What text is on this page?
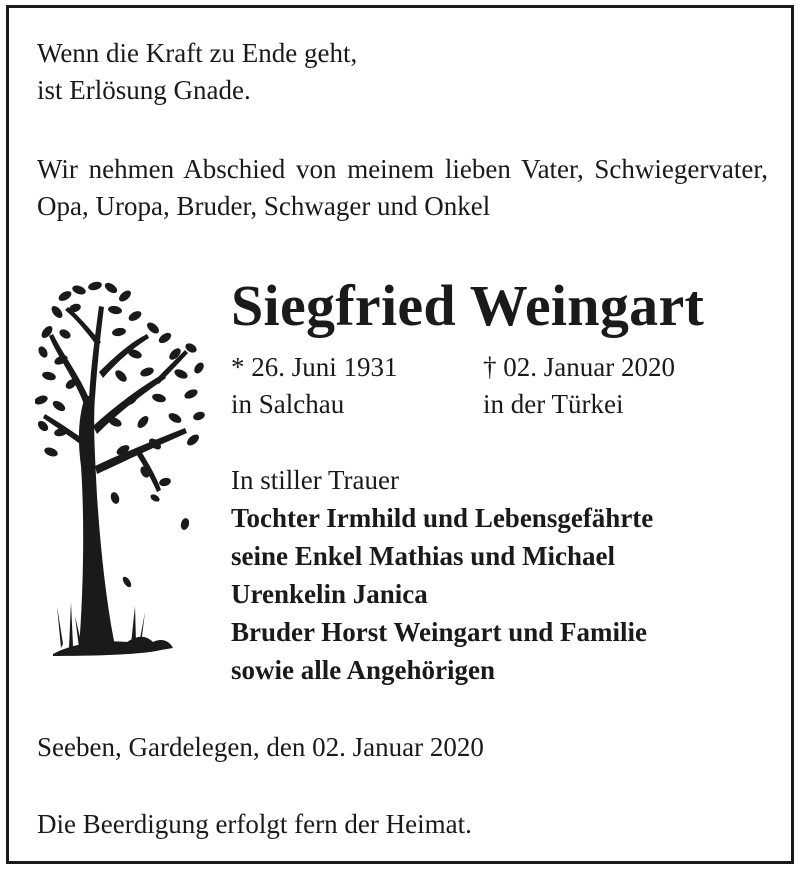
Wenn die Kraft zu Ende geht,
ist Erlösung Gnade.
Wir nehmen Abschied von meinem lieben Vater, Schwiegervater, Opa, Uropa, Bruder, Schwager und Onkel
Siegfried Weingart
* 26. Juni 1931
in Salchau
† 02. Januar 2020
in der Türkei
In stiller Trauer
Tochter Irmhild und Lebensgefährte
seine Enkel Mathias und Michael
Urenkelin Janica
Bruder Horst Weingart und Familie
sowie alle Angehörigen
Seeben, Gardelegen, den 02. Januar 2020
Die Beerdigung erfolgt fern der Heimat.
